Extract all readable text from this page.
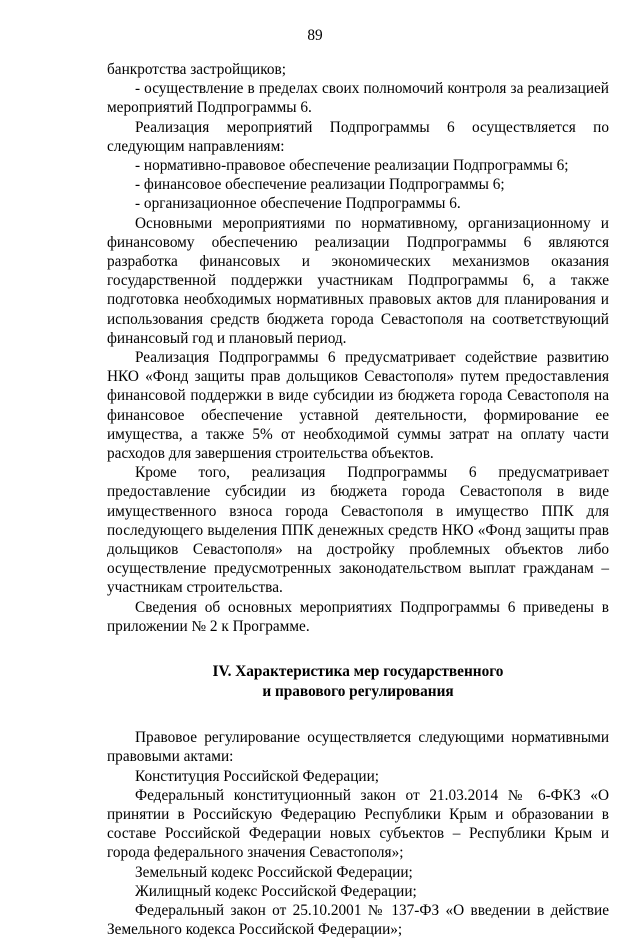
89

банкротства застройщиков;

- осуществление в пределах своих полномочий контроля за реализацией мероприятий Подпрограммы 6.

Реализация мероприятий Подпрограммы 6 осуществляется по следующим направлениям:

- нормативно-правовое обеспечение реализации Подпрограммы 6;

- финансовое обеспечение реализации Подпрограммы 6;

- организационное обеспечение Подпрограммы 6.

Основными мероприятиями по нормативному, организационному и финансовому обеспечению реализации Подпрограммы 6 являются разработка финансовых и экономических механизмов оказания государственной поддержки участникам Подпрограммы 6, а также подготовка необходимых нормативных правовых актов для планирования и использования средств бюджета города Севастополя на соответствующий финансовый год и плановый период.

Реализация Подпрограммы 6 предусматривает содействие развитию НКО «Фонд защиты прав дольщиков Севастополя» путем предоставления финансовой поддержки в виде субсидии из бюджета города Севастополя на финансовое обеспечение уставной деятельности, формирование ее имущества, а также 5% от необходимой суммы затрат на оплату части расходов для завершения строительства объектов.

Кроме того, реализация Подпрограммы 6 предусматривает предоставление субсидии из бюджета города Севастополя в виде имущественного взноса города Севастополя в имущество ППК для последующего выделения ППК денежных средств НКО «Фонд защиты прав дольщиков Севастополя» на достройку проблемных объектов либо осуществление предусмотренных законодательством выплат гражданам – участникам строительства.

Сведения об основных мероприятиях Подпрограммы 6 приведены в приложении № 2 к Программе.

IV. Характеристика мер государственного
и правового регулирования

Правовое регулирование осуществляется следующими нормативными правовыми актами:

Конституция Российской Федерации;

Федеральный конституционный закон от 21.03.2014 № 6-ФКЗ «О принятии в Российскую Федерацию Республики Крым и образовании в составе Российской Федерации новых субъектов – Республики Крым и города федерального значения Севастополя»;

Земельный кодекс Российской Федерации;

Жилищный кодекс Российской Федерации;

Федеральный закон от 25.10.2001 № 137-ФЗ «О введении в действие Земельного кодекса Российской Федерации»;
